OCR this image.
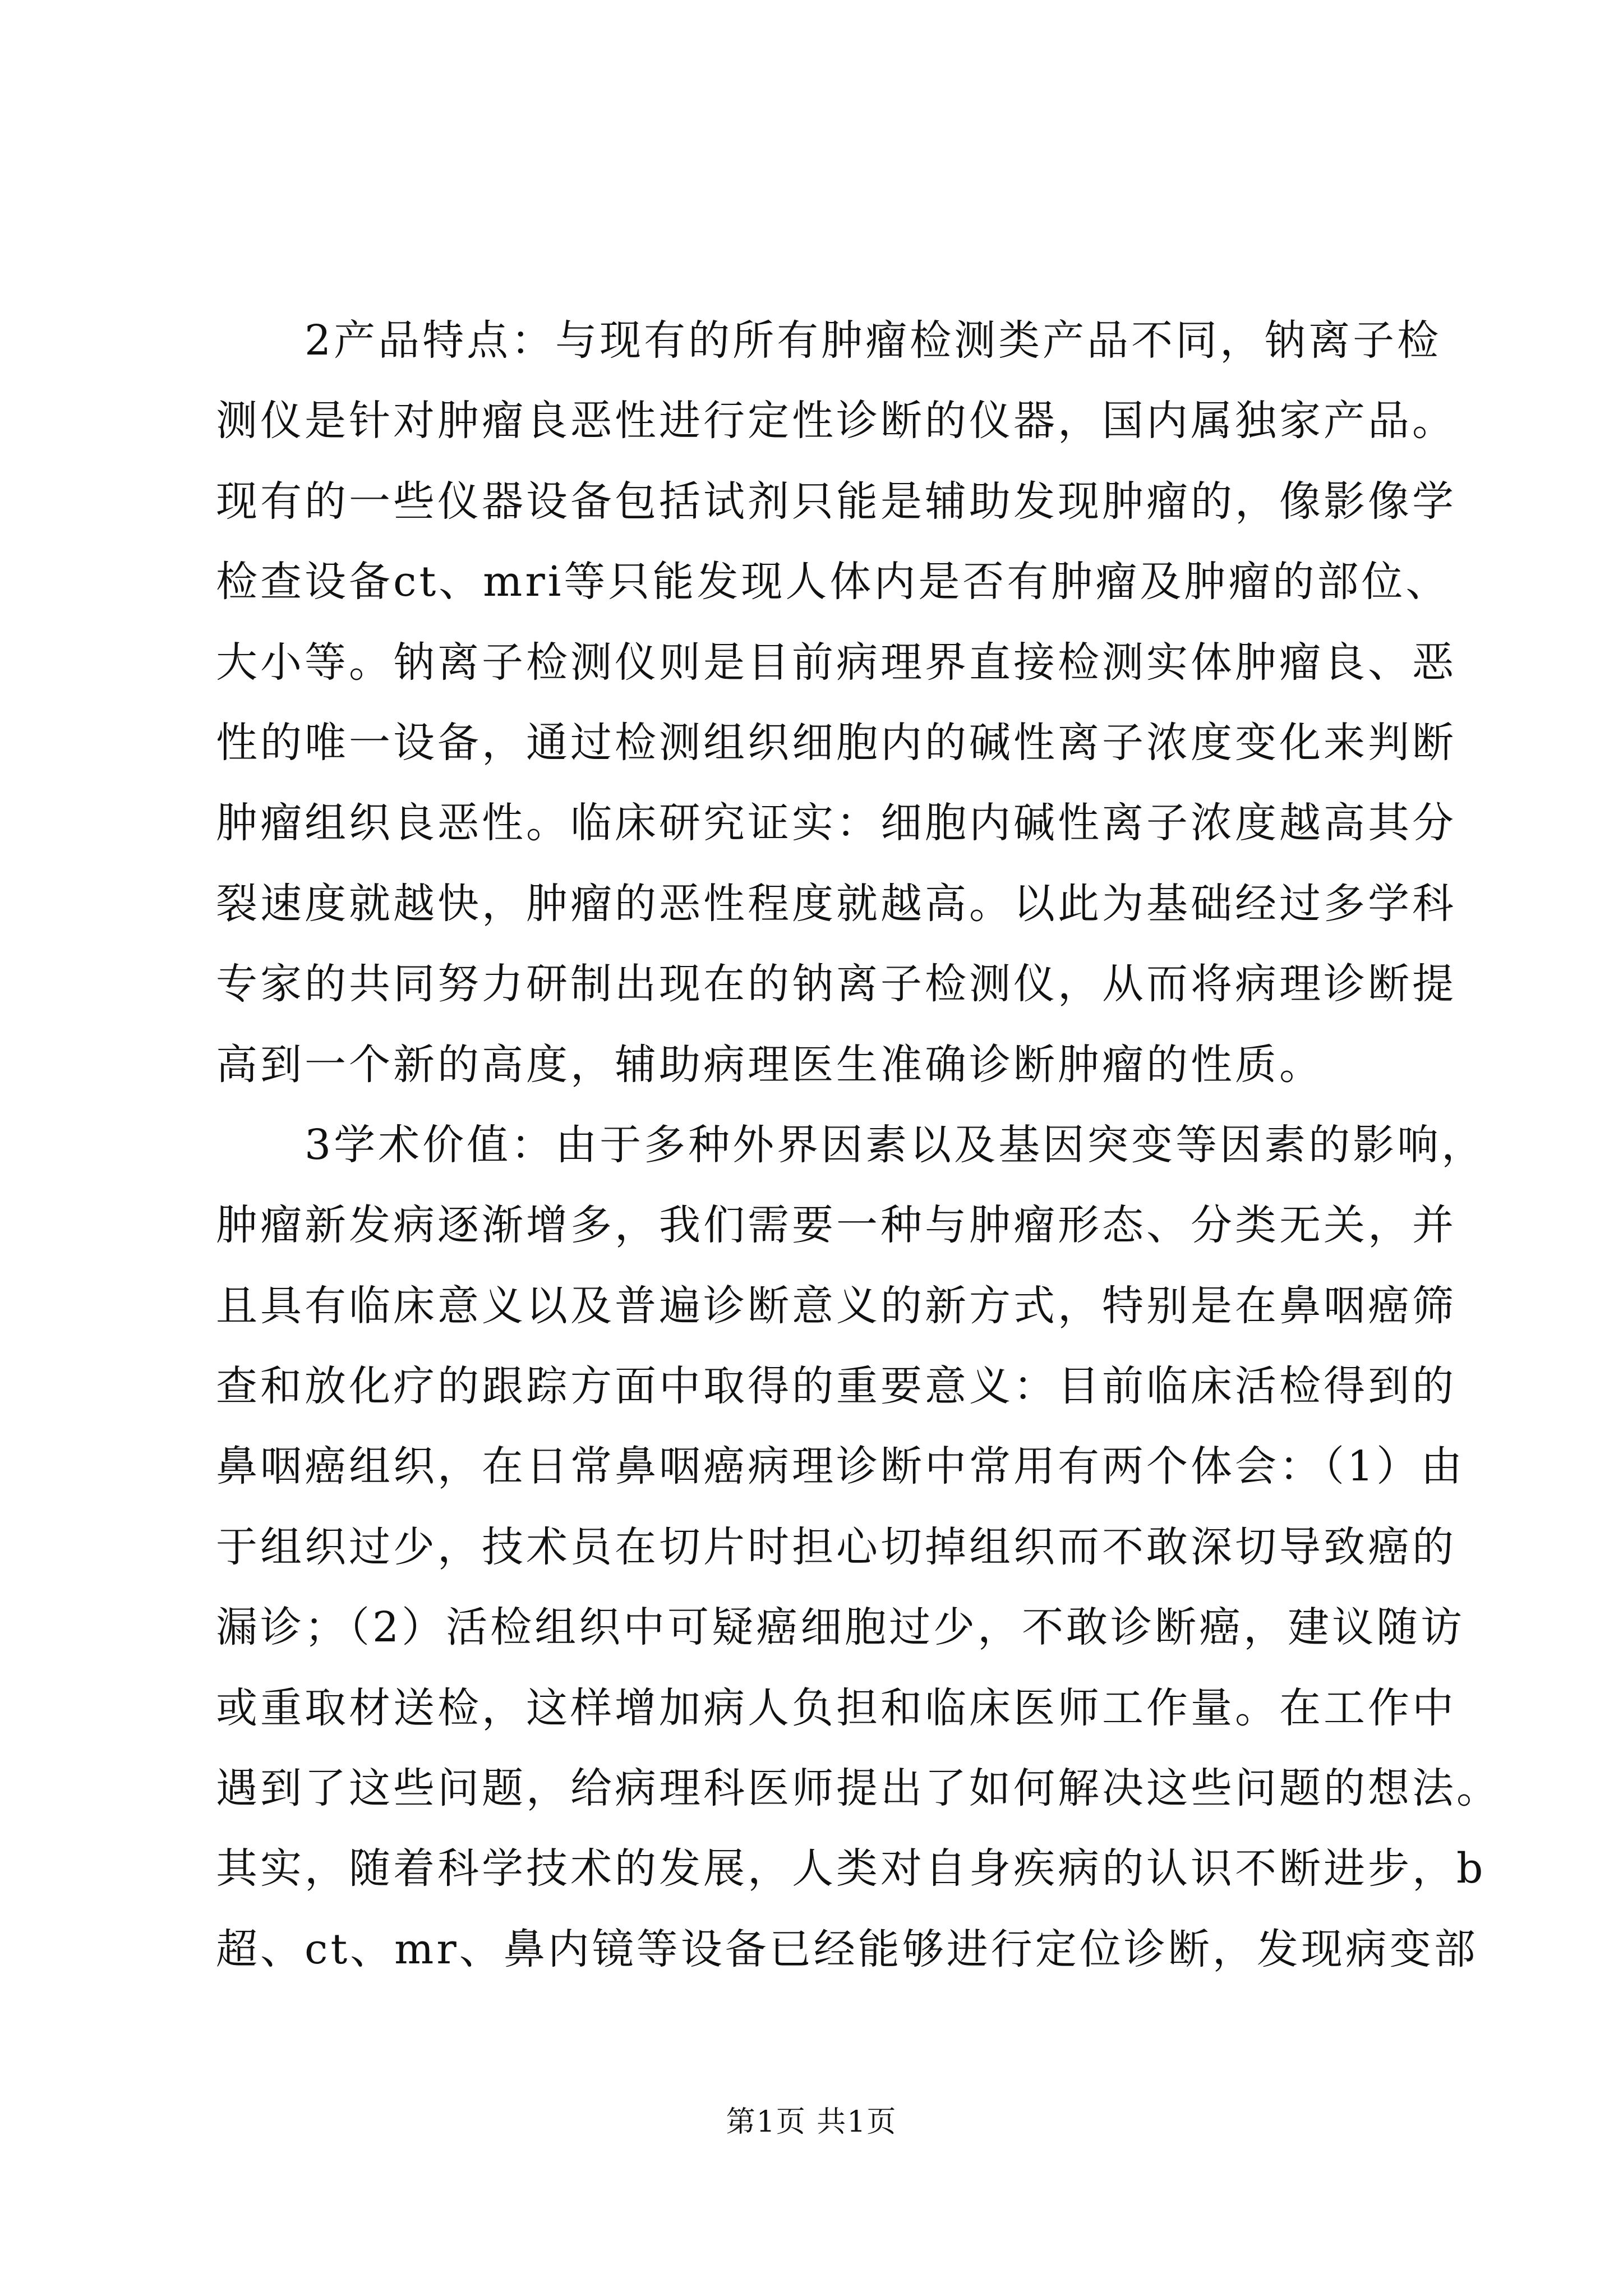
　　2产品特点：与现有的所有肿瘤检测类产品不同，钠离子检
测仪是针对肿瘤良恶性进行定性诊断的仪器，国内属独家产品。
现有的一些仪器设备包括试剂只能是辅助发现肿瘤的，像影像学
检查设备ct、mri等只能发现人体内是否有肿瘤及肿瘤的部位、
大小等。钠离子检测仪则是目前病理界直接检测实体肿瘤良、恶
性的唯一设备，通过检测组织细胞内的碱性离子浓度变化来判断
肿瘤组织良恶性。临床研究证实：细胞内碱性离子浓度越高其分
裂速度就越快，肿瘤的恶性程度就越高。以此为基础经过多学科
专家的共同努力研制出现在的钠离子检测仪，从而将病理诊断提
高到一个新的高度，辅助病理医生准确诊断肿瘤的性质。
　　3学术价值：由于多种外界因素以及基因突变等因素的影响，
肿瘤新发病逐渐增多，我们需要一种与肿瘤形态、分类无关，并
且具有临床意义以及普遍诊断意义的新方式，特别是在鼻咽癌筛
查和放化疗的跟踪方面中取得的重要意义：目前临床活检得到的
鼻咽癌组织，在日常鼻咽癌病理诊断中常用有两个体会：（1）由
于组织过少，技术员在切片时担心切掉组织而不敢深切导致癌的
漏诊；（2）活检组织中可疑癌细胞过少，不敢诊断癌，建议随访
或重取材送检，这样增加病人负担和临床医师工作量。在工作中
遇到了这些问题，给病理科医师提出了如何解决这些问题的想法。
其实，随着科学技术的发展，人类对自身疾病的认识不断进步，b
超、ct、mr、鼻内镜等设备已经能够进行定位诊断，发现病变部
第1页 共1页
